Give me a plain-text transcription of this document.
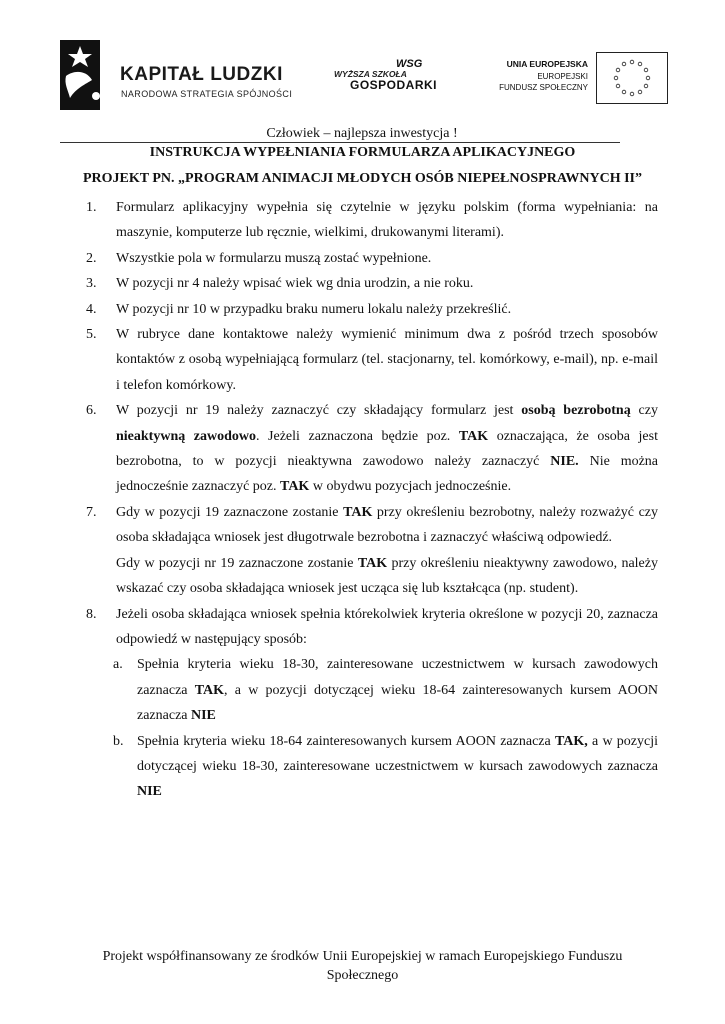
KAPITAŁ LUDZKI
NARODOWA STRATEGIA SPÓJNOŚCI
WYŻSZA SZKOŁA
WSG
GOSPODARKI
UNIA EUROPEJSKA
EUROPEJSKI
FUNDUSZ SPOŁECZNY
Człowiek – najlepsza inwestycja !
INSTRUKCJA WYPEŁNIANIA FORMULARZA APLIKACYJNEGO
PROJEKT PN. „PROGRAM ANIMACJI MŁODYCH OSÓB NIEPEŁNOSPRAWNYCH II”
1. Formularz aplikacyjny wypełnia się czytelnie w języku polskim (forma wypełniania: na maszynie, komputerze lub ręcznie, wielkimi, drukowanymi literami).
2. Wszystkie pola w formularzu muszą zostać wypełnione.
3. W pozycji nr 4 należy wpisać wiek wg dnia urodzin, a nie roku.
4. W pozycji nr 10 w przypadku braku numeru lokalu należy przekreślić.
5. W rubryce dane kontaktowe należy wymienić minimum dwa z pośród trzech sposobów kontaktów z osobą wypełniającą formularz (tel. stacjonarny, tel. komórkowy, e-mail), np. e-mail i telefon komórkowy.
6. W pozycji nr 19 należy zaznaczyć czy składający formularz jest osobą bezrobotną czy nieaktywną zawodowo. Jeżeli zaznaczona będzie poz. TAK oznaczająca, że osoba jest bezrobotna, to w pozycji nieaktywna zawodowo należy zaznaczyć NIE. Nie można jednocześnie zaznaczyć poz. TAK w obydwu pozycjach jednocześnie.
7. Gdy w pozycji 19 zaznaczone zostanie TAK przy określeniu bezrobotny, należy rozważyć czy osoba składająca wniosek jest długotrwale bezrobotna i zaznaczyć właściwą odpowiedź.

Gdy w pozycji nr 19 zaznaczone zostanie TAK przy określeniu nieaktywny zawodowo, należy wskazać czy osoba składająca wniosek jest ucząca się lub kształcąca (np. student).

8. Jeżeli osoba składająca wniosek spełnia którekolwiek kryteria określone w pozycji 20, zaznacza odpowiedź w następujący sposób:
a. Spełnia kryteria wieku 18-30, zainteresowane uczestnictwem w kursach zawodowych zaznacza TAK, a w pozycji dotyczącej wieku 18-64 zainteresowanych kursem AOON zaznacza NIE
b. Spełnia kryteria wieku 18-64 zainteresowanych kursem AOON zaznacza TAK, a w pozycji dotyczącej wieku 18-30, zainteresowane uczestnictwem w kursach zawodowych zaznacza NIE
Projekt współfinansowany ze środków Unii Europejskiej w ramach Europejskiego Funduszu Społecznego
